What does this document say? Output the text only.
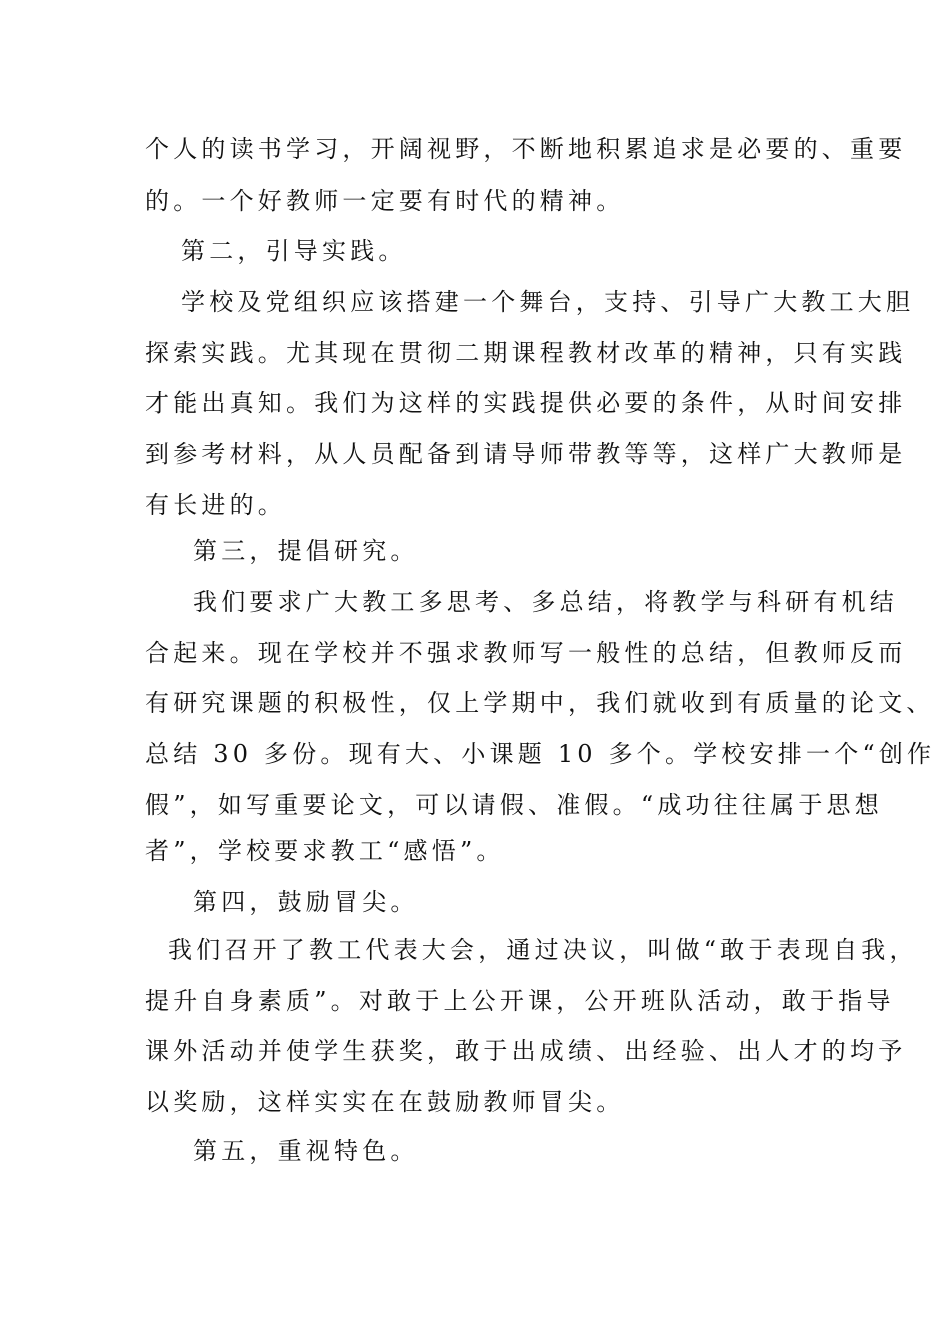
个人的读书学习，开阔视野，不断地积累追求是必要的、重要
的。一个好教师一定要有时代的精神。
第二，引导实践。
学校及党组织应该搭建一个舞台，支持、引导广大教工大胆
探索实践。尤其现在贯彻二期课程教材改革的精神，只有实践
才能出真知。我们为这样的实践提供必要的条件，从时间安排
到参考材料，从人员配备到请导师带教等等，这样广大教师是
有长进的。
第三，提倡研究。
我们要求广大教工多思考、多总结，将教学与科研有机结
合起来。现在学校并不强求教师写一般性的总结，但教师反而
有研究课题的积极性，仅上学期中，我们就收到有质量的论文、
总结 30 多份。现有大、小课题 10 多个。学校安排一个“创作
假”，如写重要论文，可以请假、准假。“成功往往属于思想
者”，学校要求教工“感悟”。
第四，鼓励冒尖。
我们召开了教工代表大会，通过决议，叫做“敢于表现自我，
提升自身素质”。对敢于上公开课，公开班队活动，敢于指导
课外活动并使学生获奖，敢于出成绩、出经验、出人才的均予
以奖励，这样实实在在鼓励教师冒尖。
第五，重视特色。
